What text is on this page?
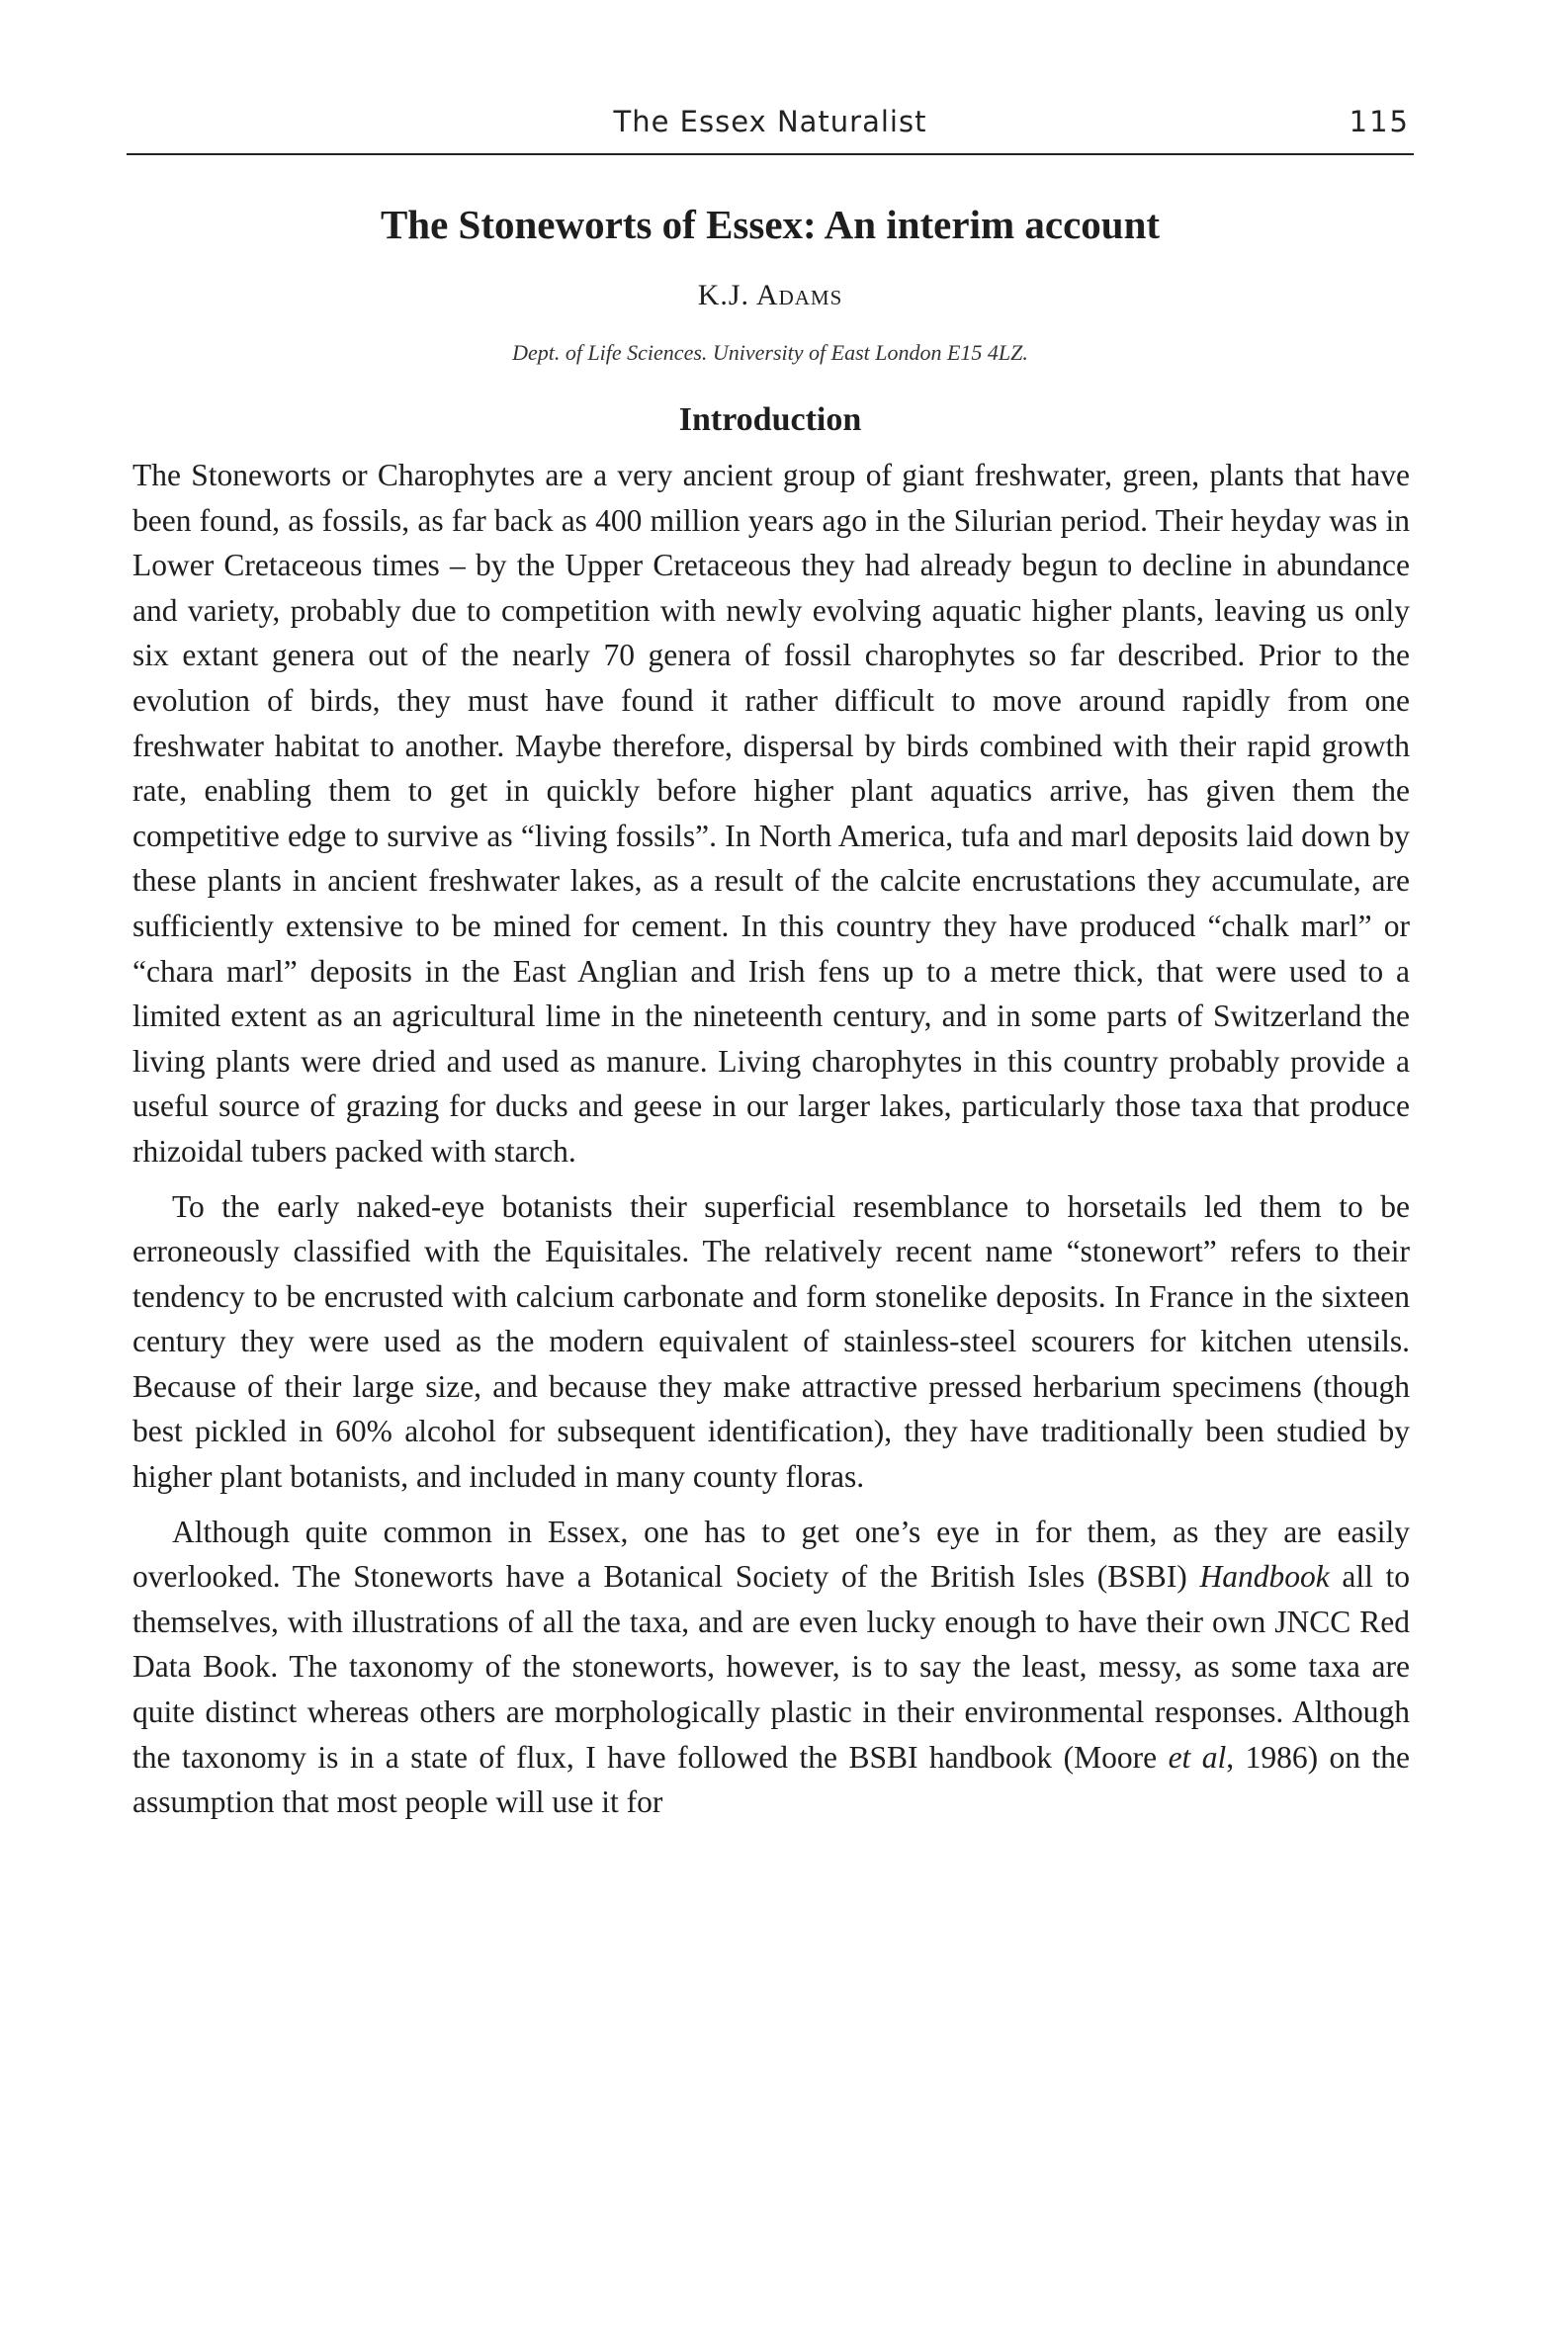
The Essex Naturalist	115
The Stoneworts of Essex: An interim account
K.J. Adams
Dept. of Life Sciences. University of East London E15 4LZ.
Introduction

The Stoneworts or Charophytes are a very ancient group of giant freshwater, green, plants that have been found, as fossils, as far back as 400 million years ago in the Silurian period. Their heyday was in Lower Cretaceous times – by the Upper Cretaceous they had already begun to decline in abundance and variety, probably due to competition with newly evolving aquatic higher plants, leaving us only six extant genera out of the nearly 70 genera of fossil charophytes so far described. Prior to the evolution of birds, they must have found it rather difficult to move around rapidly from one freshwater habitat to another. Maybe therefore, dispersal by birds combined with their rapid growth rate, enabling them to get in quickly before higher plant aquatics arrive, has given them the competitive edge to survive as “living fossils”. In North America, tufa and marl deposits laid down by these plants in ancient freshwater lakes, as a result of the calcite encrustations they accumulate, are sufficiently extensive to be mined for cement. In this country they have produced “chalk marl” or “chara marl” deposits in the East Anglian and Irish fens up to a metre thick, that were used to a limited extent as an agricultural lime in the nineteenth century, and in some parts of Switzerland the living plants were dried and used as manure. Living charophytes in this country probably provide a useful source of grazing for ducks and geese in our larger lakes, particularly those taxa that produce rhizoidal tubers packed with starch.

To the early naked-eye botanists their superficial resemblance to horsetails led them to be erroneously classified with the Equisitales. The relatively recent name “stonewort” refers to their tendency to be encrusted with calcium carbonate and form stonelike deposits. In France in the sixteen century they were used as the modern equivalent of stainless-steel scourers for kitchen utensils. Because of their large size, and because they make attractive pressed herbarium specimens (though best pickled in 60% alcohol for subsequent identification), they have traditionally been studied by higher plant botanists, and included in many county floras.

Although quite common in Essex, one has to get one’s eye in for them, as they are easily overlooked. The Stoneworts have a Botanical Society of the British Isles (BSBI) Handbook all to themselves, with illustrations of all the taxa, and are even lucky enough to have their own JNCC Red Data Book. The taxonomy of the stoneworts, however, is to say the least, messy, as some taxa are quite distinct whereas others are morphologically plastic in their environmental responses. Although the taxonomy is in a state of flux, I have followed the BSBI handbook (Moore et al, 1986) on the assumption that most people will use it for
